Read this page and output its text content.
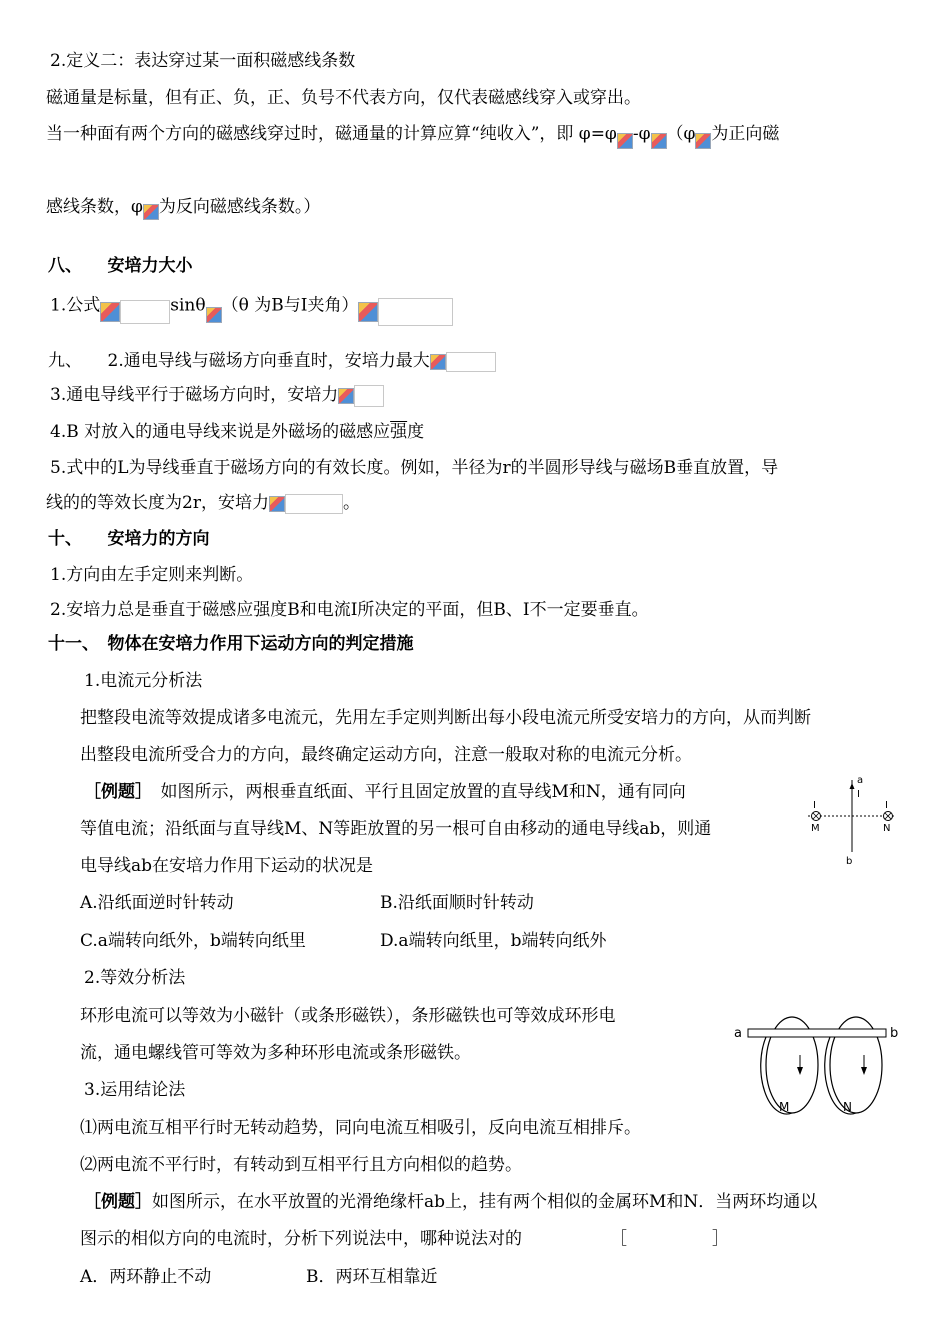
2.定义二：表达穿过某一面积磁感线条数
磁通量是标量，但有正、负，正、负号不代表方向，仅代表磁感线穿入或穿出。
当一种面有两个方向的磁感线穿过时，磁通量的计算应算“纯收入”，即 φ=φ -φ （φ 为正向磁
感线条数，φ 为反向磁感线条数。）
八、　　安培力大小
1.公式	sinθ （θ 为B与I夹角）
九、　　2.通电导线与磁场方向垂直时，安培力最大
3.通电导线平行于磁场方向时，安培力
4.B 对放入的通电导线来说是外磁场的磁感应强度
5.式中的L为导线垂直于磁场方向的有效长度。例如，半径为r的半圆形导线与磁场B垂直放置，导
线的的等效长度为2r，安培力	。
十、　　安培力的方向
1.方向由左手定则来判断。
2.安培力总是垂直于磁感应强度B和电流I所决定的平面，但B、I不一定要垂直。
十一、　物体在安培力作用下运动方向的判定措施
1.电流元分析法
把整段电流等效提成诸多电流元，先用左手定则判断出每小段电流元所受安培力的方向，从而判断
出整段电流所受合力的方向，最终确定运动方向，注意一般取对称的电流元分析。
［例题］　如图所示，两根垂直纸面、平行且固定放置的直导线M和N，通有同向
等值电流；沿纸面与直导线M、N等距放置的另一根可自由移动的通电导线ab，则通
电导线ab在安培力作用下运动的状况是
A.沿纸面逆时针转动	B.沿纸面顺时针转动
C.a端转向纸外，b端转向纸里	D.a端转向纸里，b端转向纸外
a
I
I	I
M	N
b
2.等效分析法
环形电流可以等效为小磁针（或条形磁铁），条形磁铁也可等效成环形电
流，通电螺线管可等效为多种环形电流或条形磁铁。
a	b
M	N
3.运用结论法
⑴两电流互相平行时无转动趋势，同向电流互相吸引，反向电流互相排斥。
⑵两电流不平行时，有转动到互相平行且方向相似的趋势。
［例题］如图所示，在水平放置的光滑绝缘杆ab上，挂有两个相似的金属环M和N．当两环均通以
图示的相似方向的电流时，分析下列说法中，哪种说法对的	［　　　　　］
A．两环静止不动	B．两环互相靠近
